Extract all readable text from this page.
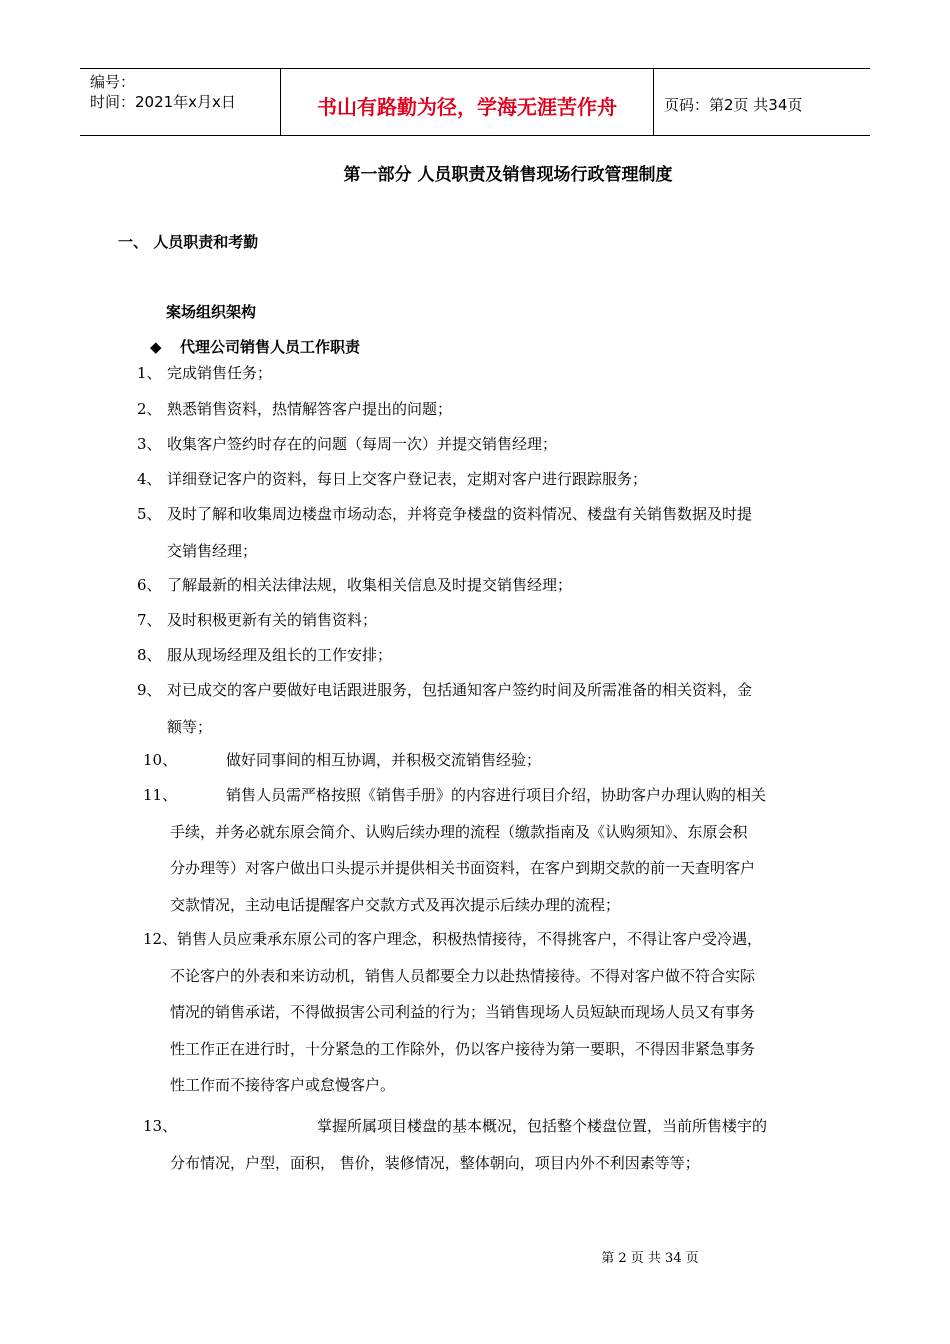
编号：
时间：2021年x月x日	书山有路勤为径，学海无涯苦作舟	页码：第2页 共34页
第一部分 人员职责及销售现场行政管理制度
一、 人员职责和考勤
案场组织架构
◆ 代理公司销售人员工作职责
1、 完成销售任务；
2、 熟悉销售资料，热情解答客户提出的问题；
3、 收集客户签约时存在的问题（每周一次）并提交销售经理；
4、 详细登记客户的资料，每日上交客户登记表，定期对客户进行跟踪服务；
5、 及时了解和收集周边楼盘市场动态，并将竞争楼盘的资料情况、楼盘有关销售数据及时提
交销售经理；
6、 了解最新的相关法律法规，收集相关信息及时提交销售经理；
7、 及时积极更新有关的销售资料；
8、 服从现场经理及组长的工作安排；
9、 对已成交的客户要做好电话跟进服务，包括通知客户签约时间及所需准备的相关资料，金
额等；
10、	做好同事间的相互协调，并积极交流销售经验；
11、	销售人员需严格按照《销售手册》的内容进行项目介绍，协助客户办理认购的相关
手续，并务必就东原会简介、认购后续办理的流程（缴款指南及《认购须知》、东原会积
分办理等）对客户做出口头提示并提供相关书面资料，在客户到期交款的前一天查明客户
交款情况，主动电话提醒客户交款方式及再次提示后续办理的流程；
12、 销售人员应秉承东原公司的客户理念，积极热情接待，不得挑客户，不得让客户受冷遇，
不论客户的外表和来访动机，销售人员都要全力以赴热情接待。不得对客户做不符合实际
情况的销售承诺，不得做损害公司利益的行为；当销售现场人员短缺而现场人员又有事务
性工作正在进行时，十分紧急的工作除外，仍以客户接待为第一要职，不得因非紧急事务
性工作而不接待客户或怠慢客户。
13、	掌握所属项目楼盘的基本概况，包括整个楼盘位置，当前所售楼宇的
分布情况，户型，面积， 售价，装修情况，整体朝向，项目内外不利因素等等；
第 2 页 共 34 页
